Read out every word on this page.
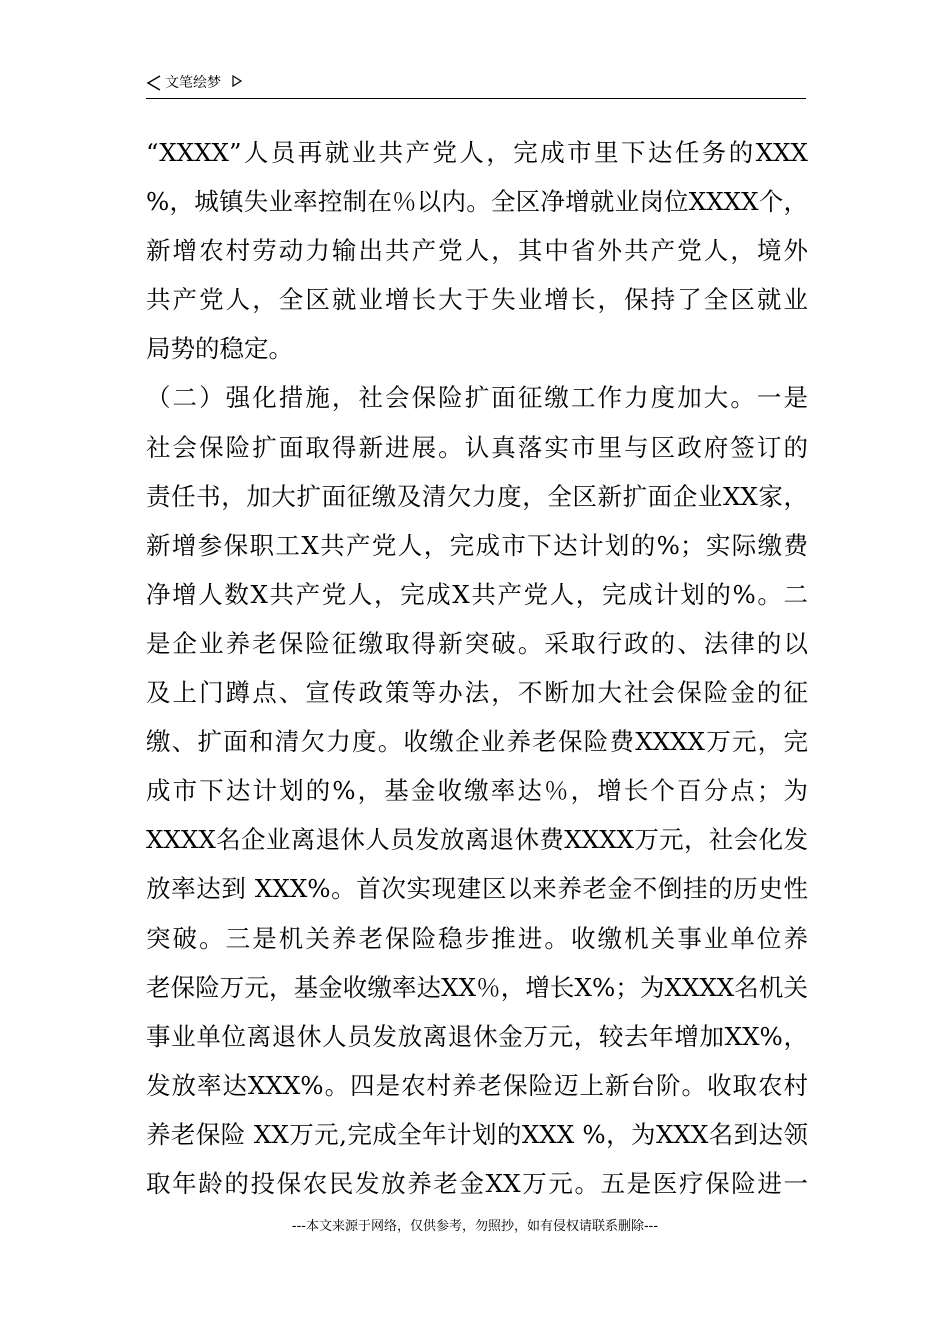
文笔绘梦
“XXXX”人员再就业共产党人，完成市里下达任务的XXX
%，城镇失业率控制在％以内。全区净增就业岗位XXXX个，
新增农村劳动力输出共产党人，其中省外共产党人，境外
共产党人，全区就业增长大于失业增长，保持了全区就业
局势的稳定。
（二）强化措施，社会保险扩面征缴工作力度加大。一是
社会保险扩面取得新进展。认真落实市里与区政府签订的
责任书，加大扩面征缴及清欠力度，全区新扩面企业XX家，
新增参保职工X共产党人，完成市下达计划的%；实际缴费
净增人数X共产党人，完成X共产党人，完成计划的%。二
是企业养老保险征缴取得新突破。采取行政的、法律的以
及上门蹲点、宣传政策等办法，不断加大社会保险金的征
缴、扩面和清欠力度。收缴企业养老保险费XXXX万元，完
成市下达计划的%，基金收缴率达％，增长个百分点；为
XXXX名企业离退休人员发放离退休费XXXX万元，社会化发
放率达到 XXX%。首次实现建区以来养老金不倒挂的历史性
突破。三是机关养老保险稳步推进。收缴机关事业单位养
老保险万元，基金收缴率达XX％，增长X%；为XXXX名机关
事业单位离退休人员发放离退休金万元，较去年增加XX%，
发放率达XXX%。四是农村养老保险迈上新台阶。收取农村
养老保险 XX万元,完成全年计划的XXX %，为XXX名到达领
取年龄的投保农民发放养老金XX万元。五是医疗保险进一
---本文来源于网络，仅供参考，勿照抄，如有侵权请联系删除---
